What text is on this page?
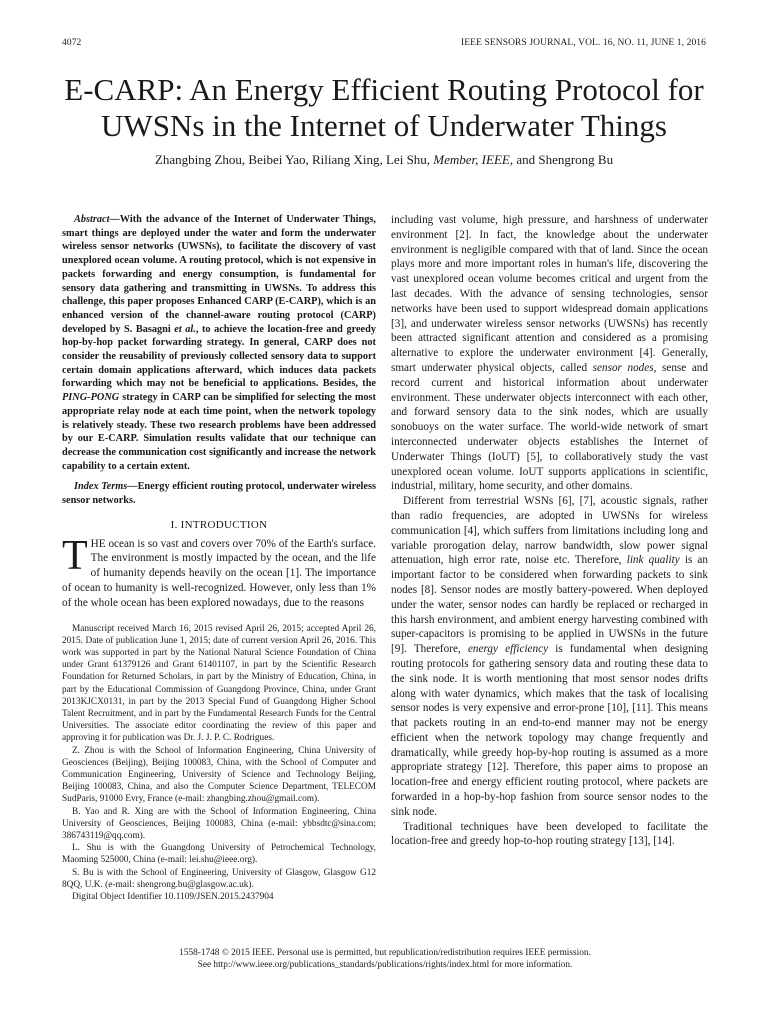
4072	IEEE SENSORS JOURNAL, VOL. 16, NO. 11, JUNE 1, 2016
E-CARP: An Energy Efficient Routing Protocol for
UWSNs in the Internet of Underwater Things
Zhangbing Zhou, Beibei Yao, Riliang Xing, Lei Shu, Member, IEEE, and Shengrong Bu

Abstract—With the advance of the Internet of Underwater Things, smart things are deployed under the water and form the underwater wireless sensor networks (UWSNs), to facilitate the discovery of vast unexplored ocean volume. A routing protocol, which is not expensive in packets forwarding and energy consumption, is fundamental for sensory data gathering and transmitting in UWSNs. To address this challenge, this paper proposes Enhanced CARP (E-CARP), which is an enhanced version of the channel-aware routing protocol (CARP) developed by S. Basagni et al., to achieve the location-free and greedy hop-by-hop packet forwarding strategy. In general, CARP does not consider the reusability of previously collected sensory data to support certain domain applications afterward, which induces data packets forwarding which may not be beneficial to applications. Besides, the PING-PONG strategy in CARP can be simplified for selecting the most appropriate relay node at each time point, when the network topology is relatively steady. These two research problems have been addressed by our E-CARP. Simulation results validate that our technique can decrease the communication cost significantly and increase the network capability to a certain extent.

Index Terms—Energy efficient routing protocol, underwater wireless sensor networks.

I. INTRODUCTION

THE ocean is so vast and covers over 70% of the Earth's surface. The environment is mostly impacted by the ocean, and the life of humanity depends heavily on the ocean [1]. The importance of ocean to humanity is well-recognized. However, only less than 1% of the whole ocean has been explored nowadays, due to the reasons

Manuscript received March 16, 2015 revised April 26, 2015; accepted April 26, 2015. Date of publication June 1, 2015; date of current version April 26, 2016. This work was supported in part by the National Natural Science Foundation of China under Grant 61379126 and Grant 61401107, in part by the Scientific Research Foundation for Returned Scholars, in part by the Ministry of Education, China, in part by the Educational Commission of Guangdong Province, China, under Grant 2013KJCX0131, in part by the 2013 Special Fund of Guangdong Higher School Talent Recruitment, and in part by the Fundamental Research Funds for the Central Universities. The associate editor coordinating the review of this paper and approving it for publication was Dr. J. J. P. C. Rodrigues.

Z. Zhou is with the School of Information Engineering, China University of Geosciences (Beijing), Beijing 100083, China, with the School of Computer and Communication Engineering, University of Science and Technology Beijing, Beijing 100083, China, and also the Computer Science Department, TELECOM SudParis, 91000 Evry, France (e-mail: zhangbing.zhou@gmail.com).

B. Yao and R. Xing are with the School of Information Engineering, China University of Geosciences, Beijing 100083, China (e-mail: ybbsdtc@sina.com; 386743119@qq.com).

L. Shu is with the Guangdong University of Petrochemical Technology, Maoming 525000, China (e-mail: lei.shu@ieee.org).

S. Bu is with the School of Engineering, University of Glasgow, Glasgow G12 8QQ, U.K. (e-mail: shengrong.bu@glasgow.ac.uk).

Digital Object Identifier 10.1109/JSEN.2015.2437904

including vast volume, high pressure, and harshness of underwater environment [2]. In fact, the knowledge about the underwater environment is negligible compared with that of land. Since the ocean plays more and more important roles in human's life, discovering the vast unexplored ocean volume becomes critical and urgent from the last decades. With the advance of sensing technologies, sensor networks have been used to support widespread domain applications [3], and underwater wireless sensor networks (UWSNs) has recently been attracted significant attention and considered as a promising alternative to explore the underwater environment [4]. Generally, smart underwater physical objects, called sensor nodes, sense and record current and historical information about underwater environment. These underwater objects interconnect with each other, and forward sensory data to the sink nodes, which are usually sonobuoys on the water surface. The world-wide network of smart interconnected underwater objects establishes the Internet of Underwater Things (IoUT) [5], to collaboratively study the vast unexplored ocean volume. IoUT supports applications in scientific, industrial, military, home security, and other domains.

Different from terrestrial WSNs [6], [7], acoustic signals, rather than radio frequencies, are adopted in UWSNs for wireless communication [4], which suffers from limitations including long and variable prorogation delay, narrow bandwidth, slow power signal attenuation, high error rate, noise etc. Therefore, link quality is an important factor to be considered when forwarding packets to sink nodes [8]. Sensor nodes are mostly battery-powered. When deployed under the water, sensor nodes can hardly be replaced or recharged in this harsh environment, and ambient energy harvesting combined with super-capacitors is promising to be applied in UWSNs in the future [9]. Therefore, energy efficiency is fundamental when designing routing protocols for gathering sensory data and routing these data to the sink node. It is worth mentioning that most sensor nodes drifts along with water dynamics, which makes that the task of localising sensor nodes is very expensive and error-prone [10], [11]. This means that packets routing in an end-to-end manner may not be energy efficient when the network topology may change frequently and dramatically, while greedy hop-by-hop routing is assumed as a more appropriate strategy [12]. Therefore, this paper aims to propose an location-free and energy efficient routing protocol, where packets are forwarded in a hop-by-hop fashion from source sensor nodes to the sink node.

Traditional techniques have been developed to facilitate the location-free and greedy hop-to-hop routing strategy [13], [14].

1558-1748 © 2015 IEEE. Personal use is permitted, but republication/redistribution requires IEEE permission.
See http://www.ieee.org/publications_standards/publications/rights/index.html for more information.
